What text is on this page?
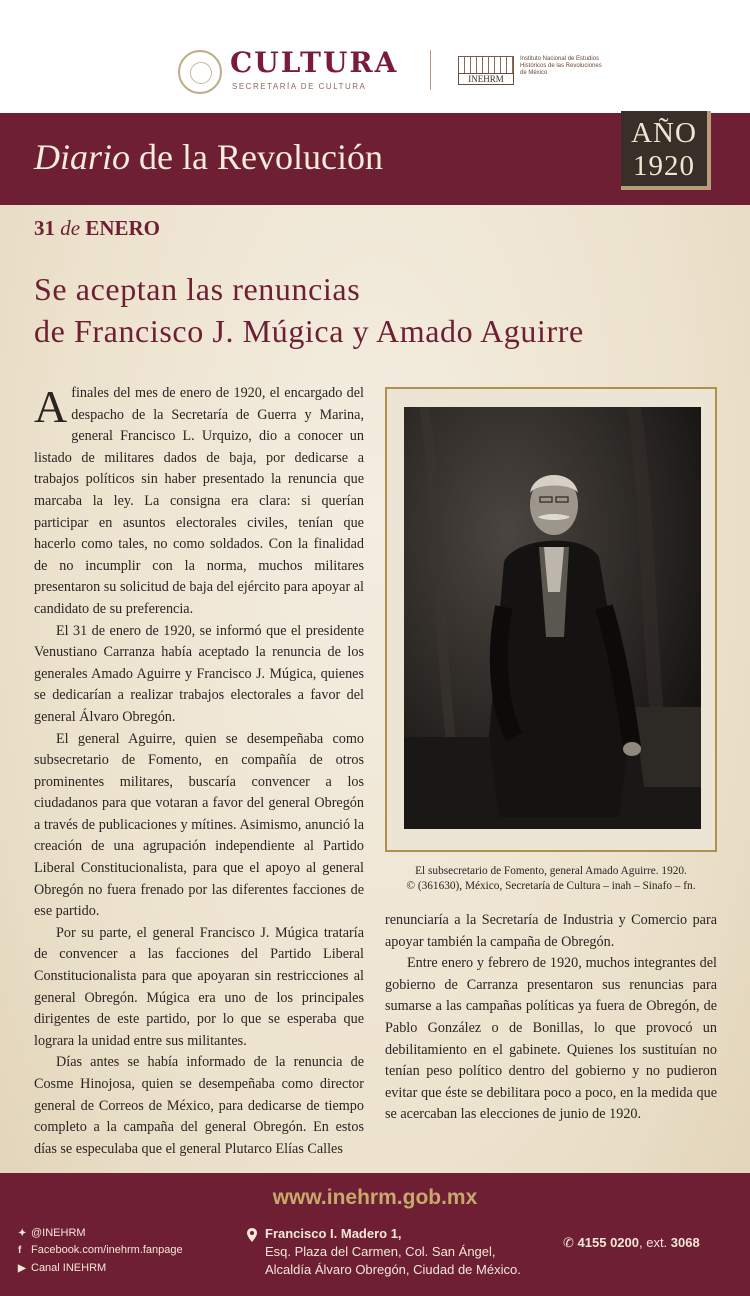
CULTURA
SECRETARÍA DE CULTURA
INEHRM
Instituto Nacional de Estudios Históricos de las Revoluciones de México
Diario de la Revolución
AÑO
1920
31 de ENERO
Se aceptan las renuncias
de Francisco J. Múgica y Amado Aguirre

Afinales del mes de enero de 1920, el encargado del despacho de la Secretaría de Guerra y Marina, general Francisco L. Urquizo, dio a conocer un listado de militares dados de baja, por dedicarse a trabajos políticos sin haber presentado la renuncia que marcaba la ley. La consigna era clara: si querían participar en asuntos electorales civiles, tenían que hacerlo como tales, no como soldados. Con la finalidad de no incumplir con la norma, muchos militares presentaron su solicitud de baja del ejército para apoyar al candidato de su preferencia.

El 31 de enero de 1920, se informó que el presidente Venustiano Carranza había aceptado la renuncia de los generales Amado Aguirre y Francisco J. Múgica, quienes se dedicarían a realizar trabajos electorales a favor del general Álvaro Obregón.

El general Aguirre, quien se desempeñaba como subsecretario de Fomento, en compañía de otros prominentes militares, buscaría convencer a los ciudadanos para que votaran a favor del general Obregón a través de publicaciones y mítines. Asimismo, anunció la creación de una agrupación independiente al Partido Liberal Constitucionalista, para que el apoyo al general Obregón no fuera frenado por las diferentes facciones de ese partido.

Por su parte, el general Francisco J. Múgica trataría de convencer a las facciones del Partido Liberal Constitucionalista para que apoyaran sin restricciones al general Obregón. Múgica era uno de los principales dirigentes de este partido, por lo que se esperaba que lograra la unidad entre sus militantes.

Días antes se había informado de la renuncia de Cosme Hinojosa, quien se desempeñaba como director general de Correos de México, para dedicarse de tiempo completo a la campaña del general Obregón. En estos días se especulaba que el general Plutarco Elías Calles

El subsecretario de Fomento, general Amado Aguirre. 1920.
© (361630), México, Secretaría de Cultura – inah – Sinafo – fn.

renunciaría a la Secretaría de Industria y Comercio para apoyar también la campaña de Obregón.

Entre enero y febrero de 1920, muchos integrantes del gobierno de Carranza presentaron sus renuncias para sumarse a las campañas políticas ya fuera de Obregón, de Pablo González o de Bonillas, lo que provocó un debilitamiento en el gabinete. Quienes los sustituían no tenían peso político dentro del gobierno y no pudieron evitar que éste se debilitara poco a poco, en la medida que se acercaban las elecciones de junio de 1920.

www.inehrm.gob.mx
✦ @INEHRM
f Facebook.com/inehrm.fanpage
▶ Canal INEHRM
Francisco I. Madero 1,
Esq. Plaza del Carmen, Col. San Ángel,
Alcaldía Álvaro Obregón, Ciudad de México.
✆ 4155 0200, ext. 3068
